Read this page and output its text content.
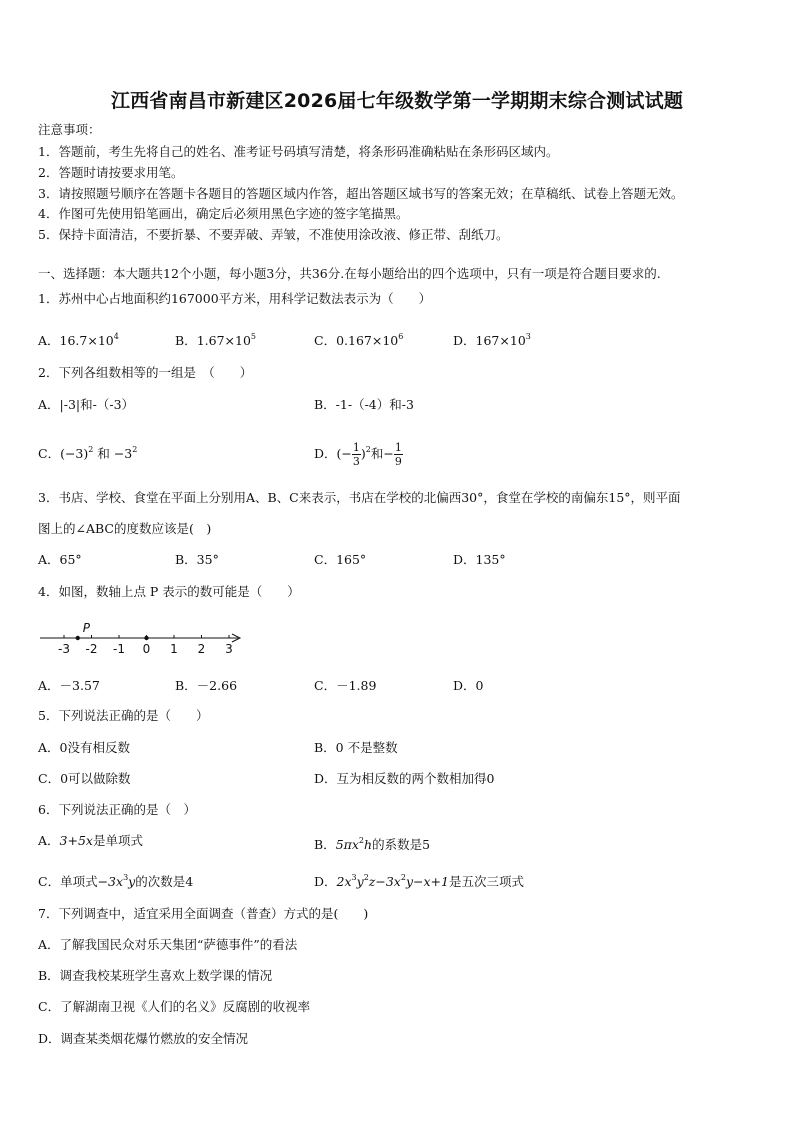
江西省南昌市新建区2026届七年级数学第一学期期末综合测试试题
注意事项：
1．答题前，考生先将自己的姓名、准考证号码填写清楚，将条形码准确粘贴在条形码区域内。
2．答题时请按要求用笔。
3．请按照题号顺序在答题卡各题目的答题区域内作答，超出答题区域书写的答案无效；在草稿纸、试卷上答题无效。
4．作图可先使用铅笔画出，确定后必须用黑色字迹的签字笔描黑。
5．保持卡面清洁，不要折暴、不要弄破、弄皱，不准使用涂改液、修正带、刮纸刀。
一、选择题：本大题共12个小题，每小题3分，共36分.在每小题给出的四个选项中，只有一项是符合题目要求的.
1．苏州中心占地面积约167000平方米，用科学记数法表示为（　　）
A．$16.7\times 10^4$	B．$1.67\times 10^5$	C．$0.167\times 10^6$	D．$167\times 10^3$
2．下列各组数相等的一组是　（　　）
A．|-3|和-（-3）	B．-1-（-4）和-3
C．$(-3)^2$ 和 $-3^2$	D．(− $\frac{1}{3} )^2$和− $\frac{1}{9}$
3．书店、学校、食堂在平面上分别用A、B、C来表示，书店在学校的北偏西30°，食堂在学校的南偏东15°，则平面
图上的∠ABC的度数应该是(　)
A．65°	B．35°	C．165°	D．135°
4．如图，数轴上点 P 表示的数可能是（　　）
-3 -2 -1 0 1 2 3
P
A．－3.57	B．－2.66	C．－1.89	D．0
5．下列说法正确的是（　　）
A．0没有相反数	B．0 不是整数
C．0可以做除数	D．互为相反数的两个数相加得0
6．下列说法正确的是（　）
A．3+5x是单项式	B．$5\pi x^2h$的系数是5
C．单项式$-3x^3y$的次数是4	D．$2x^3y^2z-3x^2y-x+1$是五次三项式
7．下列调查中，适宜采用全面调查（普查）方式的是(　　)
A．了解我国民众对乐天集团“萨德事件”的看法
B．调查我校某班学生喜欢上数学课的情况
C．了解湖南卫视《人们的名义》反腐剧的收视率
D．调查某类烟花爆竹燃放的安全情况
